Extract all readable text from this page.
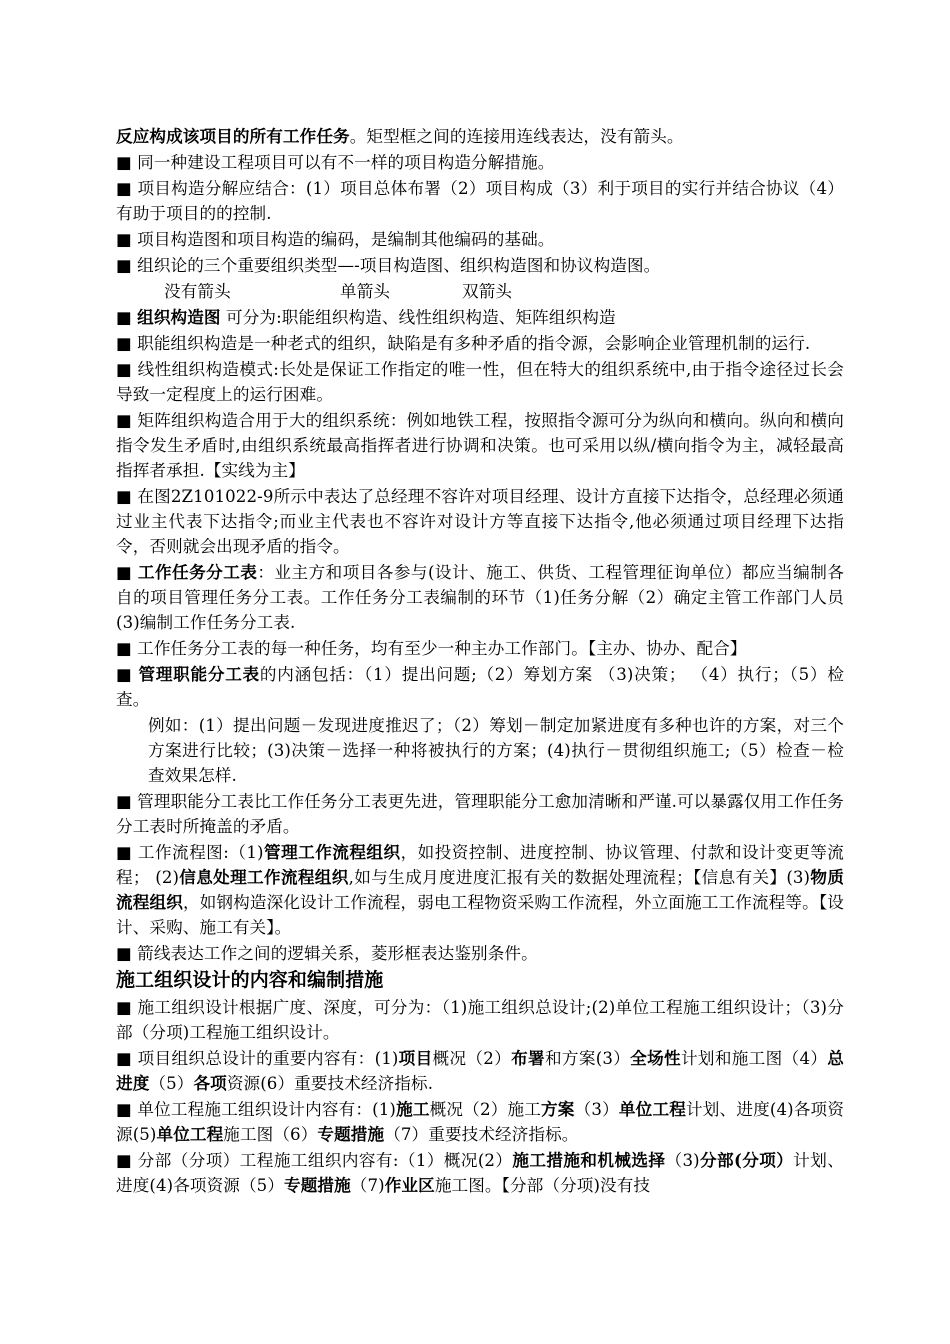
反应构成该项目的所有工作任务。矩型框之间的连接用连线表达，没有箭头。
■ 同一种建设工程项目可以有不一样的项目构造分解措施。
■ 项目构造分解应结合：(1）项目总体布署（2）项目构成（3）利于项目的实行并结合协议（4）有助于项目的的控制.
■ 项目构造图和项目构造的编码，是编制其他编码的基础。
■ 组织论的三个重要组织类型—-项目构造图、组织构造图和协议构造图。
没有箭头	单箭头	双箭头
■ 组织构造图 可分为:职能组织构造、线性组织构造、矩阵组织构造
■ 职能组织构造是一种老式的组织，缺陷是有多种矛盾的指令源，会影响企业管理机制的运行.
■ 线性组织构造模式:长处是保证工作指定的唯一性，但在特大的组织系统中,由于指令途径过长会导致一定程度上的运行困难。
■ 矩阵组织构造合用于大的组织系统：例如地铁工程，按照指令源可分为纵向和横向。纵向和横向指令发生矛盾时,由组织系统最高指挥者进行协调和决策。也可采用以纵/横向指令为主，减轻最高指挥者承担.【实线为主】
■ 在图2Z101022-9所示中表达了总经理不容许对项目经理、设计方直接下达指令，总经理必须通过业主代表下达指令;而业主代表也不容许对设计方等直接下达指令,他必须通过项目经理下达指令，否则就会出现矛盾的指令。
■ 工作任务分工表：业主方和项目各参与(设计、施工、供货、工程管理征询单位）都应当编制各自的项目管理任务分工表。工作任务分工表编制的环节（1)任务分解（2）确定主管工作部门人员(3)编制工作任务分工表.
■ 工作任务分工表的每一种任务，均有至少一种主办工作部门。【主办、协办、配合】
■ 管理职能分工表的内涵包括：（1）提出问题;（2）筹划方案 （3)决策； （4）执行；（5）检查。
例如：(1）提出问题－发现进度推迟了；（2）筹划－制定加紧进度有多种也许的方案，对三个方案进行比较；(3)决策－选择一种将被执行的方案；(4)执行－贯彻组织施工;（5）检查－检查效果怎样.
■ 管理职能分工表比工作任务分工表更先进，管理职能分工愈加清晰和严谨.可以暴露仅用工作任务分工表时所掩盖的矛盾。
■ 工作流程图:（1)管理工作流程组织，如投资控制、进度控制、协议管理、付款和设计变更等流程； (2)信息处理工作流程组织,如与生成月度进度汇报有关的数据处理流程；【信息有关】(3)物质流程组织，如钢构造深化设计工作流程，弱电工程物资采购工作流程，外立面施工工作流程等。【设计、采购、施工有关】。
■ 箭线表达工作之间的逻辑关系，菱形框表达鉴别条件。
施工组织设计的内容和编制措施
■ 施工组织设计根据广度、深度，可分为：（1)施工组织总设计;(2)单位工程施工组织设计；（3)分部（分项)工程施工组织设计。
■ 项目组织总设计的重要内容有：(1)项目概况（2）布署和方案(3）全场性计划和施工图（4）总进度（5）各项资源(6）重要技术经济指标.
■ 单位工程施工组织设计内容有：(1)施工概况（2）施工方案（3）单位工程计划、进度(4)各项资源(5)单位工程施工图（6）专题措施（7）重要技术经济指标。
■ 分部（分项）工程施工组织内容有:（1）概况(2）施工措施和机械选择（3)分部(分项）计划、进度(4)各项资源（5）专题措施（7)作业区施工图。【分部（分项)没有技
